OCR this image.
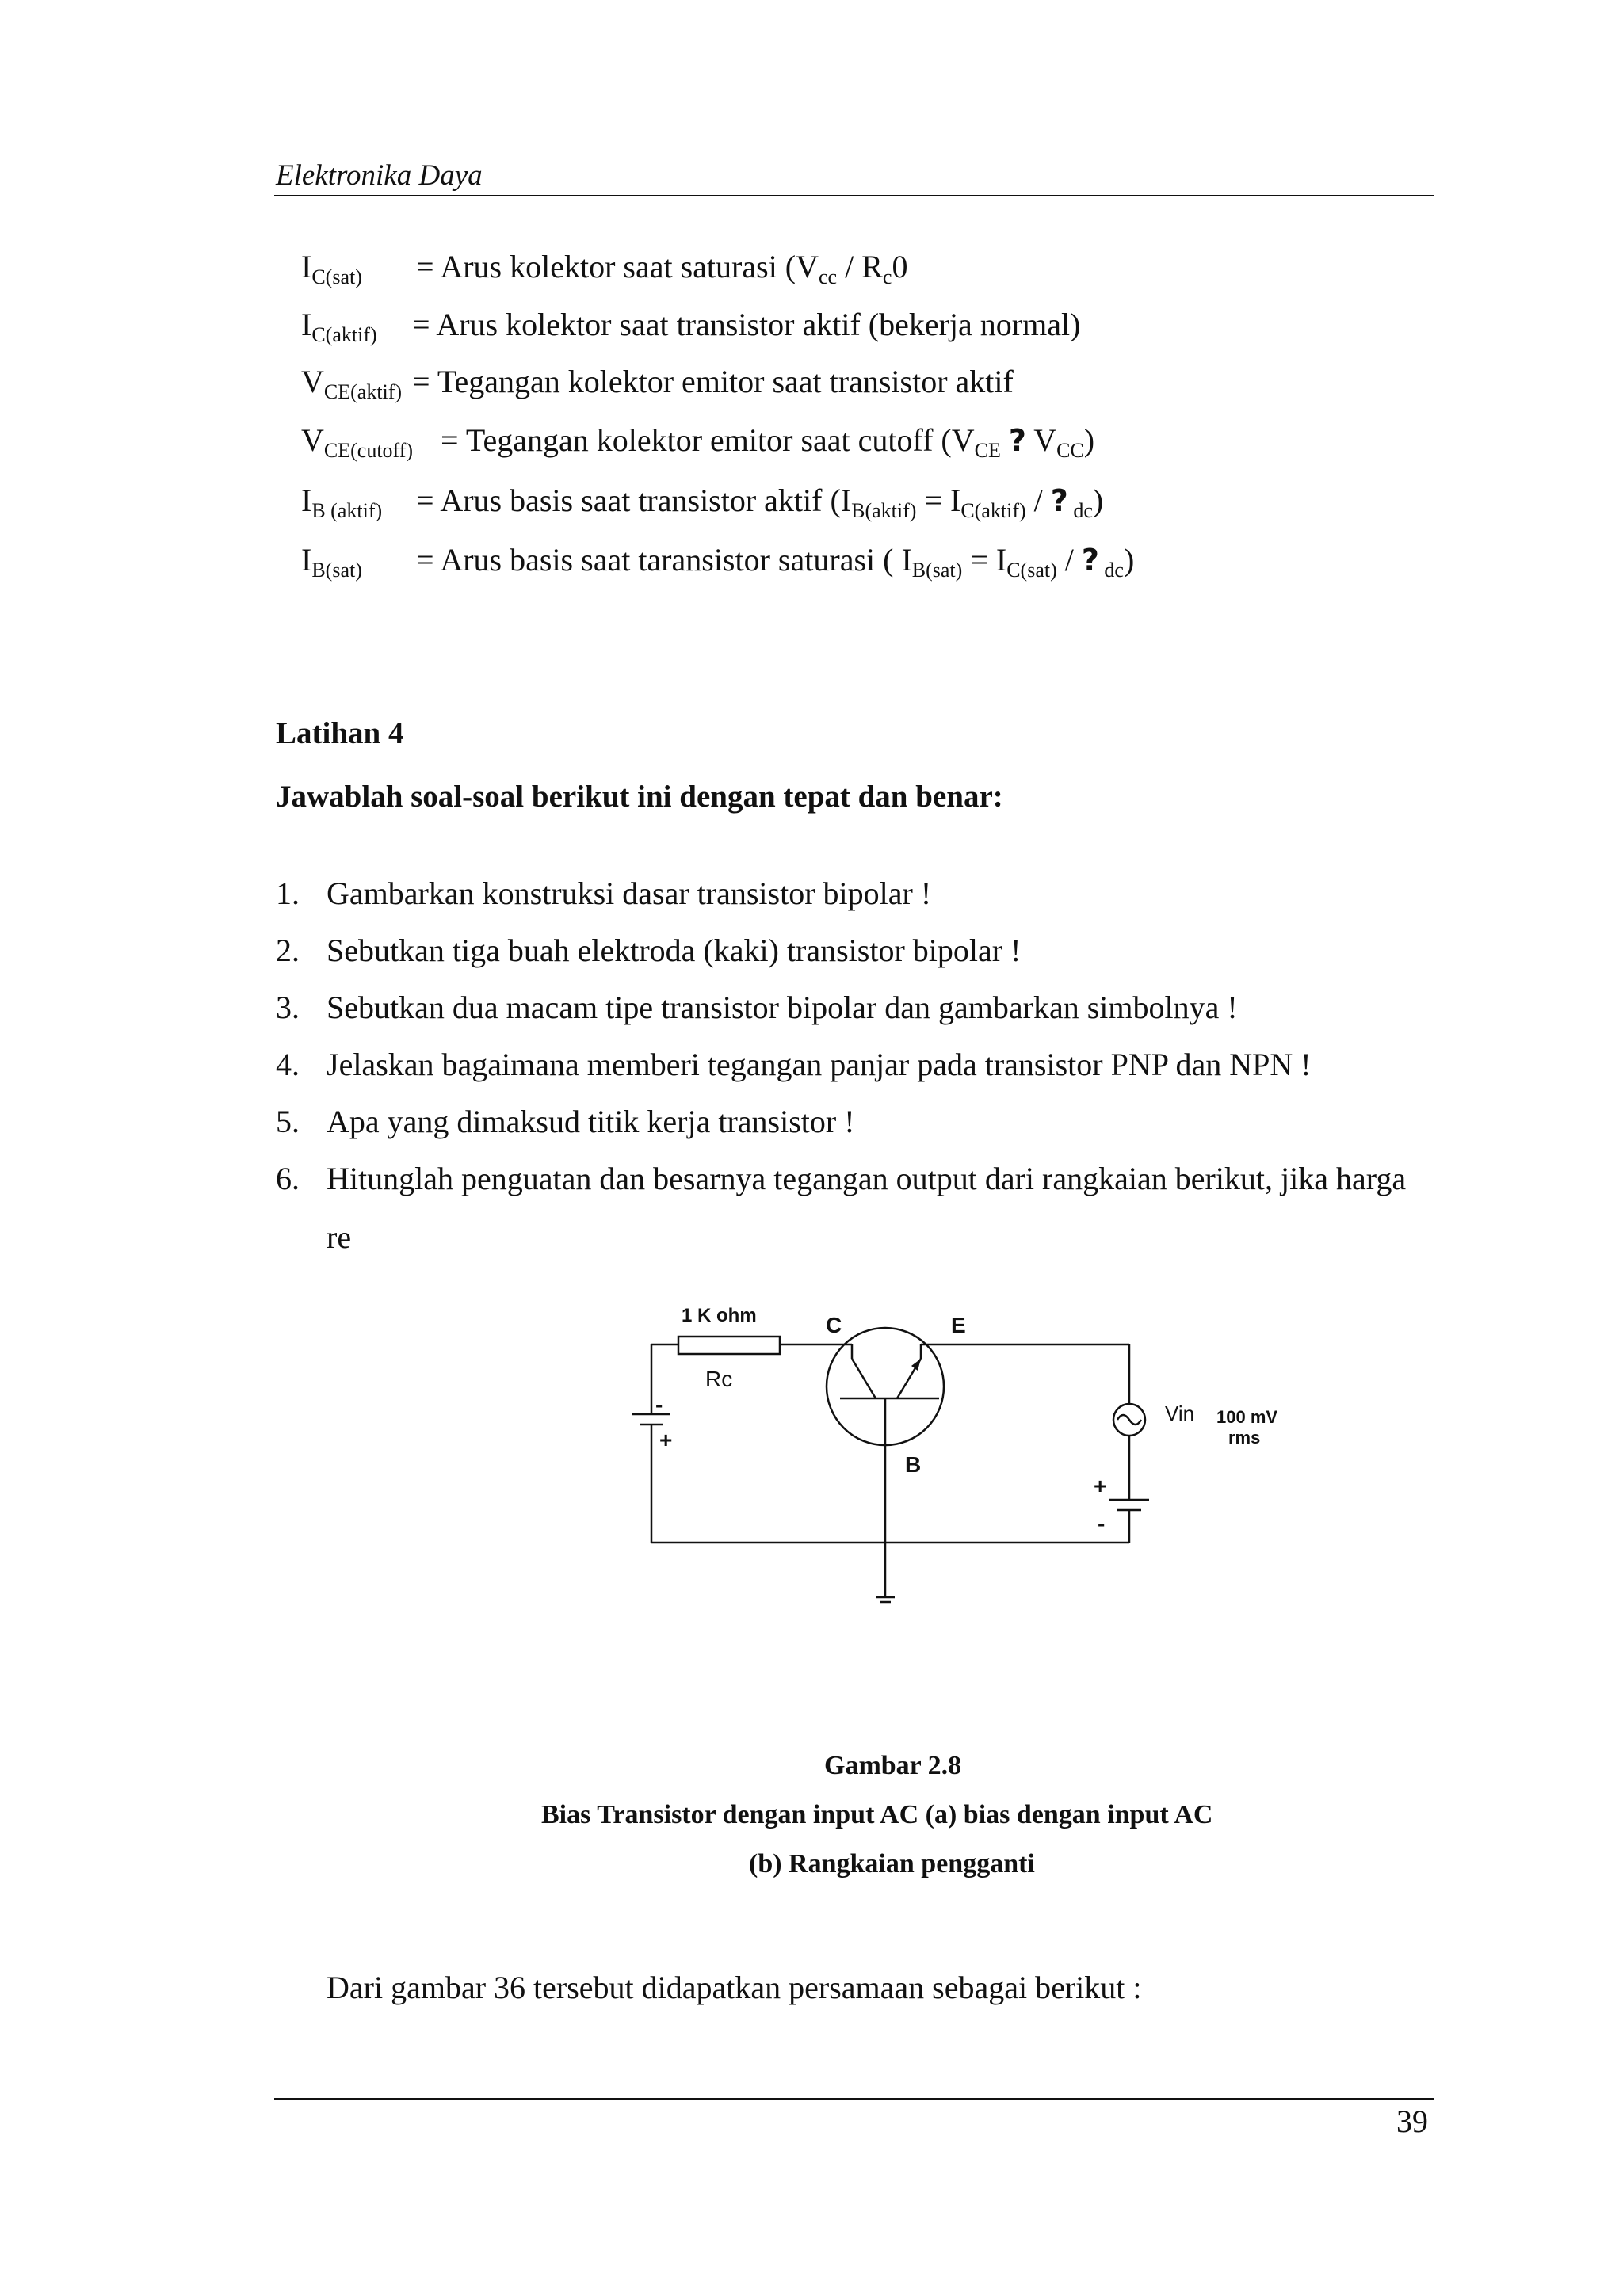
Elektronika Daya
$I_{C(sat)}$ = Arus kolektor saat saturasi ($V_{cc} / R_c0$
$I_{C(aktif)}$ = Arus kolektor saat transistor aktif (bekerja normal)
$V_{CE(aktif)}$ = Tegangan kolektor emitor saat transistor aktif
$V_{CE(cutoff)}$ = Tegangan kolektor emitor saat cutoff ($V_{CE}$ ? $V_{CC}$)
$I_{B (aktif)}$ = Arus basis saat transistor aktif ($I_{B(aktif)} = I_{C(aktif)}$ / ? $_{dc}$)
$I_{B(sat)}$ = Arus basis saat taransistor saturasi ( $I_{B(sat)} = I_{C(sat)}$ / ? $_{dc}$)
Latihan 4
Jawablah soal-soal berikut ini dengan tepat dan benar:
1. Gambarkan konstruksi dasar transistor bipolar !
2. Sebutkan tiga buah elektroda (kaki) transistor bipolar !
3. Sebutkan dua macam tipe transistor bipolar dan gambarkan simbolnya !
4. Jelaskan bagaimana memberi tegangan panjar pada transistor PNP dan NPN !
5. Apa yang dimaksud titik kerja transistor !
6. Hitunglah penguatan dan besarnya tegangan output dari rangkaian berikut, jika harga
re
1 K ohm
Rc
C	E
B
-
+
+
-
Vin 100 mV
rms
Gambar 2.8
Bias Transistor dengan input AC (a) bias dengan input AC
(b) Rangkaian pengganti
Dari gambar 36 tersebut didapatkan persamaan sebagai berikut :
39
